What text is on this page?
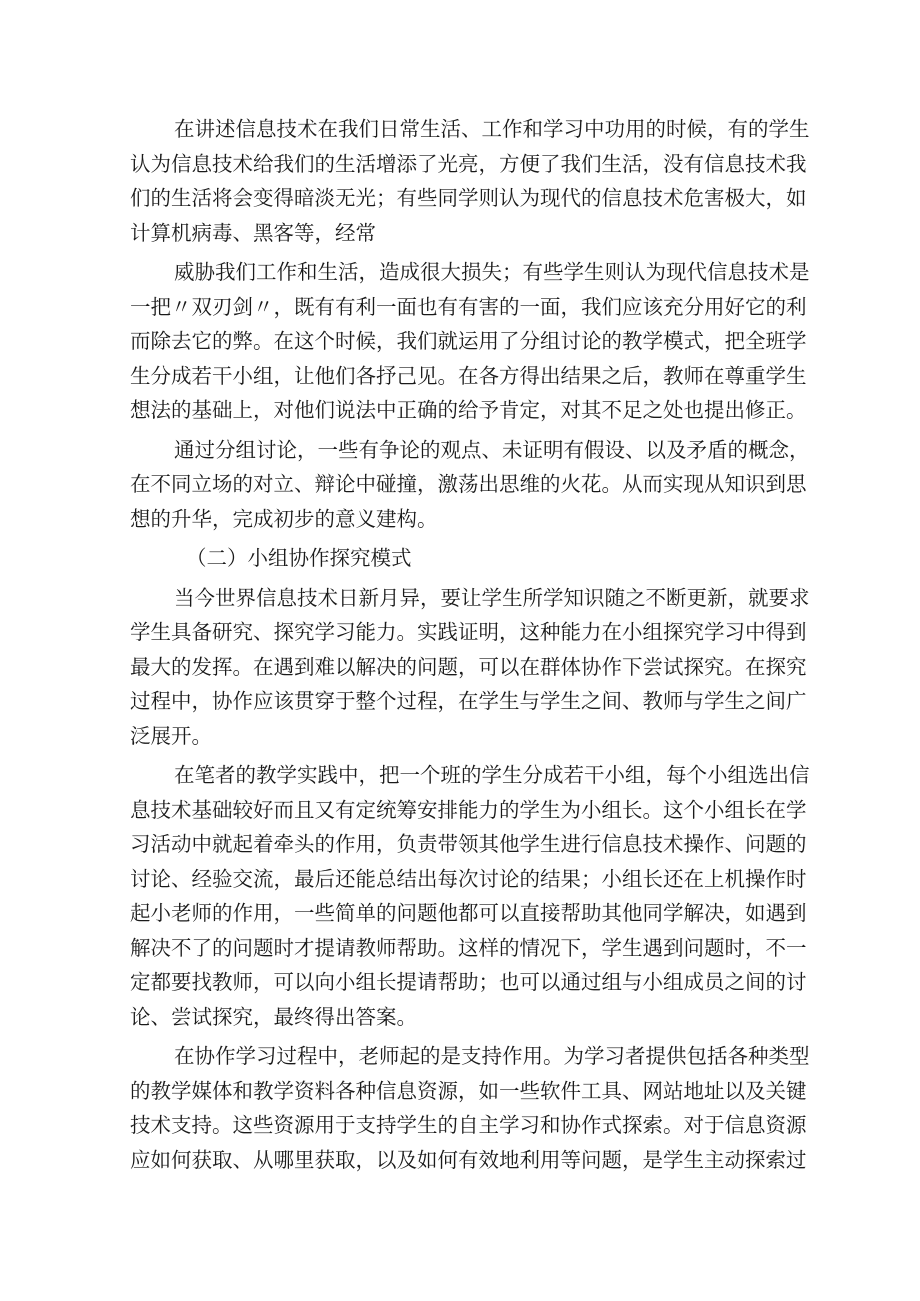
在讲述信息技术在我们日常生活、工作和学习中功用的时候，有的学生
认为信息技术给我们的生活增添了光亮，方便了我们生活，没有信息技术我
们的生活将会变得暗淡无光；有些同学则认为现代的信息技术危害极大，如
计算机病毒、黑客等，经常
威胁我们工作和生活，造成很大损失；有些学生则认为现代信息技术是
一把〃双刃剑〃，既有有利一面也有有害的一面，我们应该充分用好它的利
而除去它的弊。在这个时候，我们就运用了分组讨论的教学模式，把全班学
生分成若干小组，让他们各抒己见。在各方得出结果之后，教师在尊重学生
想法的基础上，对他们说法中正确的给予肯定，对其不足之处也提出修正。
通过分组讨论，一些有争论的观点、未证明有假设、以及矛盾的概念，
在不同立场的对立、辩论中碰撞，激荡出思维的火花。从而实现从知识到思
想的升华，完成初步的意义建构。
（二）小组协作探究模式
当今世界信息技术日新月异，要让学生所学知识随之不断更新，就要求
学生具备研究、探究学习能力。实践证明，这种能力在小组探究学习中得到
最大的发挥。在遇到难以解决的问题，可以在群体协作下尝试探究。在探究
过程中，协作应该贯穿于整个过程，在学生与学生之间、教师与学生之间广
泛展开。
在笔者的教学实践中，把一个班的学生分成若干小组，每个小组选出信
息技术基础较好而且又有定统筹安排能力的学生为小组长。这个小组长在学
习活动中就起着牵头的作用，负责带领其他学生进行信息技术操作、问题的
讨论、经验交流，最后还能总结出每次讨论的结果；小组长还在上机操作时
起小老师的作用，一些简单的问题他都可以直接帮助其他同学解决，如遇到
解决不了的问题时才提请教师帮助。这样的情况下，学生遇到问题时，不一
定都要找教师，可以向小组长提请帮助；也可以通过组与小组成员之间的讨
论、尝试探究，最终得出答案。
在协作学习过程中，老师起的是支持作用。为学习者提供包括各种类型
的教学媒体和教学资料各种信息资源，如一些软件工具、网站地址以及关键
技术支持。这些资源用于支持学生的自主学习和协作式探索。对于信息资源
应如何获取、从哪里获取，以及如何有效地利用等问题，是学生主动探索过
